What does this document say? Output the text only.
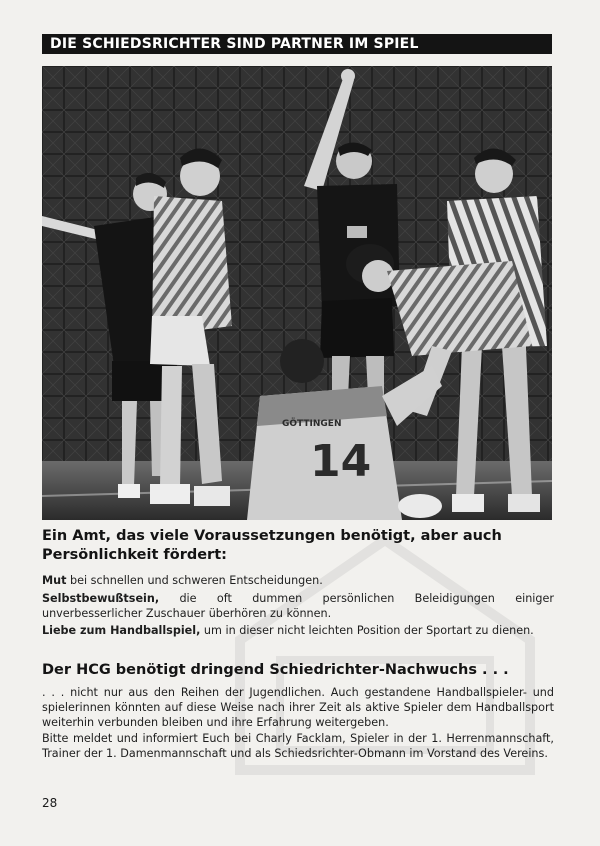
DIE SCHIEDSRICHTER SIND PARTNER IM SPIEL
14
GÖTTINGEN
Ein Amt, das viele Voraussetzungen benötigt, aber auch Persönlichkeit fördert:
Mut bei schnellen und schweren Entscheidungen.
Selbstbewußtsein, die oft dummen persönlichen Beleidigungen einiger unverbesserlicher Zuschauer überhören zu können.
Liebe zum Handballspiel, um in dieser nicht leichten Position der Sportart zu dienen.
Der HCG benötigt dringend Schiedrichter-Nachwuchs . . .
. . . nicht nur aus den Reihen der Jugendlichen. Auch gestandene Handballspieler- und spielerinnen könnten auf diese Weise nach ihrer Zeit als aktive Spieler dem Handballsport weiterhin verbunden bleiben und ihre Erfahrung weitergeben.
Bitte meldet und informiert Euch bei Charly Facklam, Spieler in der 1. Herrenmannschaft, Trainer der 1. Damenmannschaft und als Schiedsrichter-Obmann im Vorstand des Vereins.
28
